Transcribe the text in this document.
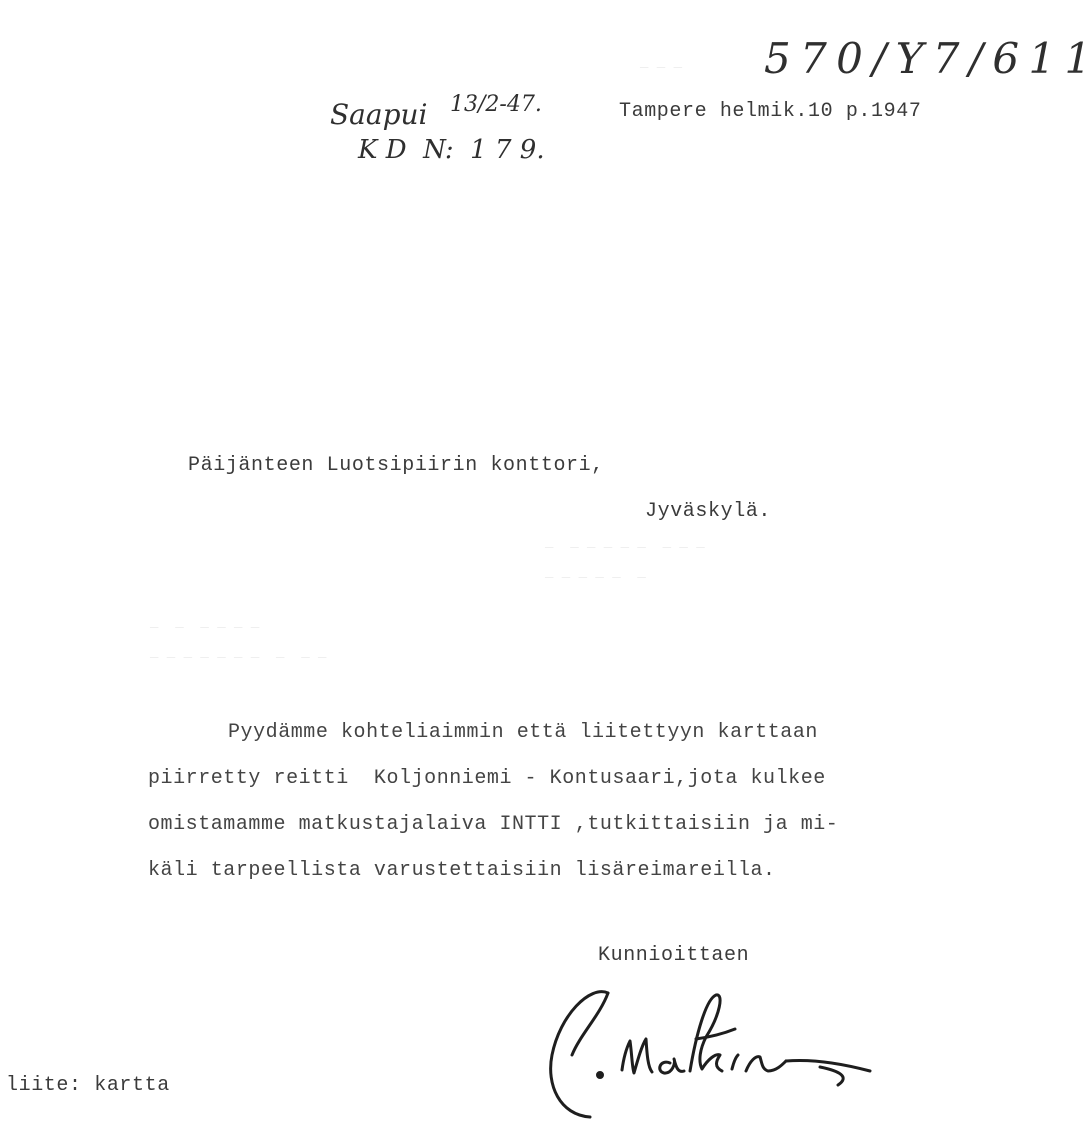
— — —
—  — — — — —  — — —
— — — — —  —
—  —  — — — —
— — — — — — —  —  — —
5 7 0 / Y 7 / 6 1 1
Saapui 13/2-47.
K D  N:  1 7 9.
Tampere helmik.10 p.1947
Päijänteen Luotsipiirin konttori,
Jyväskylä.
Pyydämme kohteliaimmin että liitettyyn karttaan
piirretty reitti  Koljonniemi - Kontusaari,jota kulkee
omistamamme matkustajalaiva INTTI ,tutkittaisiin ja mi-
käli tarpeellista varustettaisiin lisäreimareilla.
Kunnioittaen
liite: kartta
